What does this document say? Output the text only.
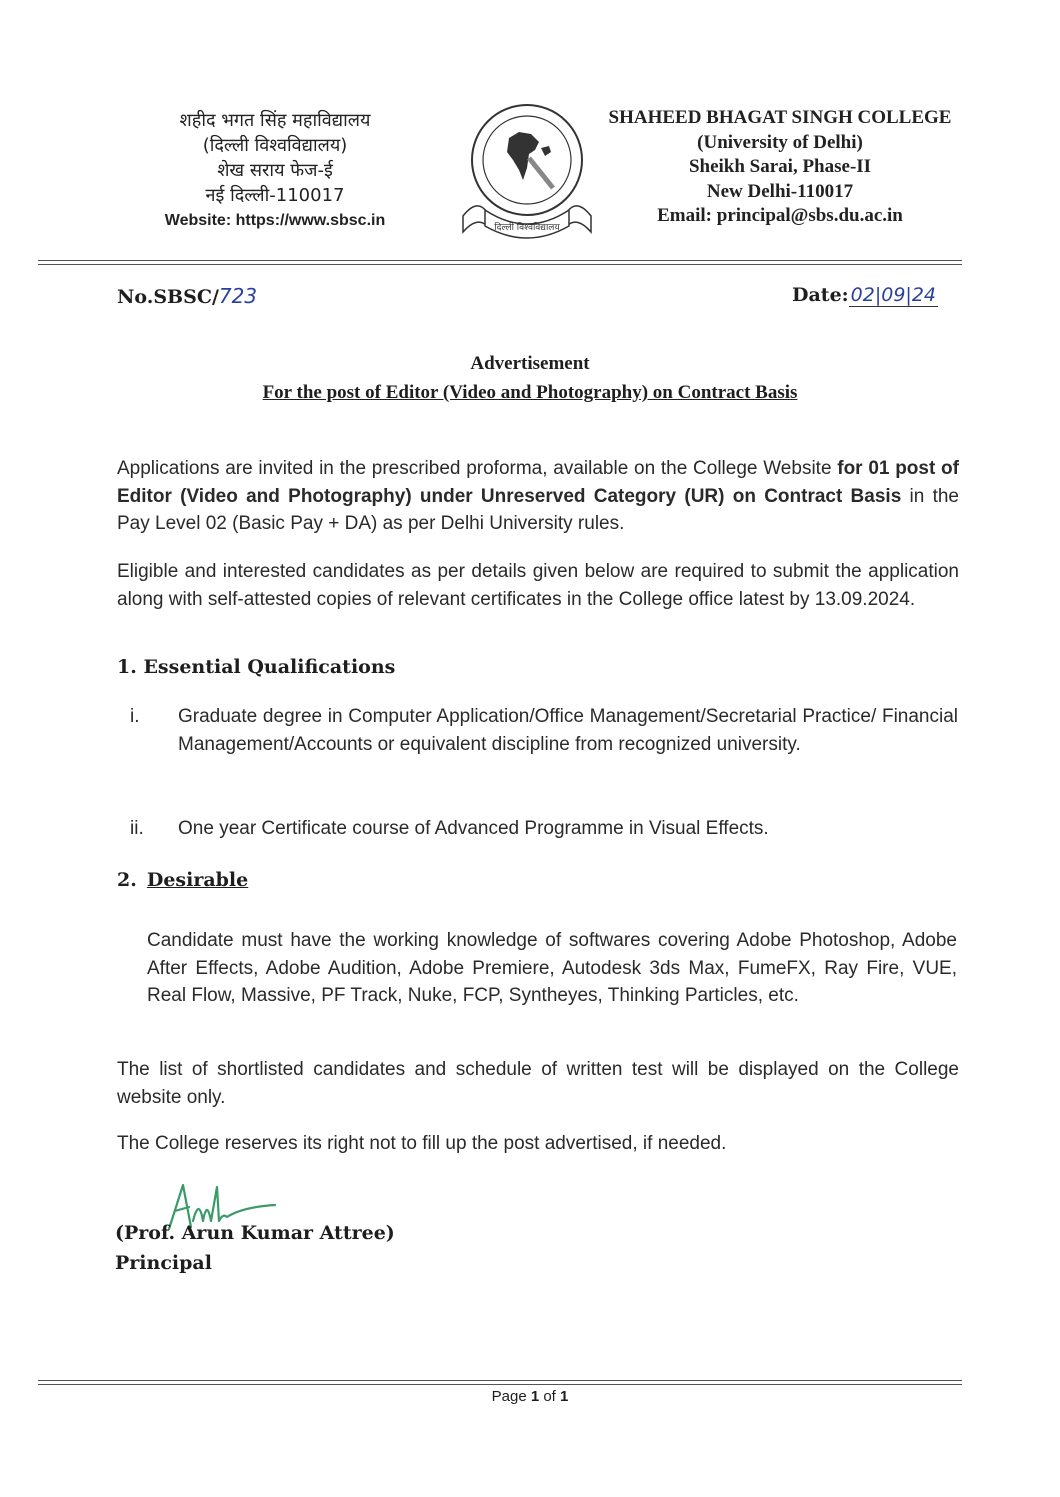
शहीद भगत सिंह महाविद्यालय
(दिल्ली विश्वविद्यालय)
शेख सराय फेज-ई
नई दिल्ली-110017
Website: https://www.sbsc.in	दिल्ली विश्वविद्यालय
SHAHEED BHAGAT SINGH COLLEGE
(University of Delhi)
Sheikh Sarai, Phase-II
New Delhi-110017
Email: principal@sbs.du.ac.in
No.SBSC/723	Date: 02|09|24
Advertisement
For the post of Editor (Video and Photography) on Contract Basis
Applications are invited in the prescribed proforma, available on the College Website for 01 post of Editor (Video and Photography) under Unreserved Category (UR) on Contract Basis in the Pay Level 02 (Basic Pay + DA) as per Delhi University rules.
Eligible and interested candidates as per details given below are required to submit the application along with self-attested copies of relevant certificates in the College office latest by 13.09.2024.
1. Essential Qualifications
i.	Graduate degree in Computer Application/Office Management/Secretarial Practice/ Financial Management/Accounts or equivalent discipline from recognized university.
ii.	One year Certificate course of Advanced Programme in Visual Effects.
2. Desirable
Candidate must have the working knowledge of softwares covering Adobe Photoshop, Adobe After Effects, Adobe Audition, Adobe Premiere, Autodesk 3ds Max, FumeFX, Ray Fire, VUE, Real Flow, Massive, PF Track, Nuke, FCP, Syntheyes, Thinking Particles, etc.
The list of shortlisted candidates and schedule of written test will be displayed on the College website only.
The College reserves its right not to fill up the post advertised, if needed.
(Prof. Arun Kumar Attree)
Principal
Page 1 of 1
